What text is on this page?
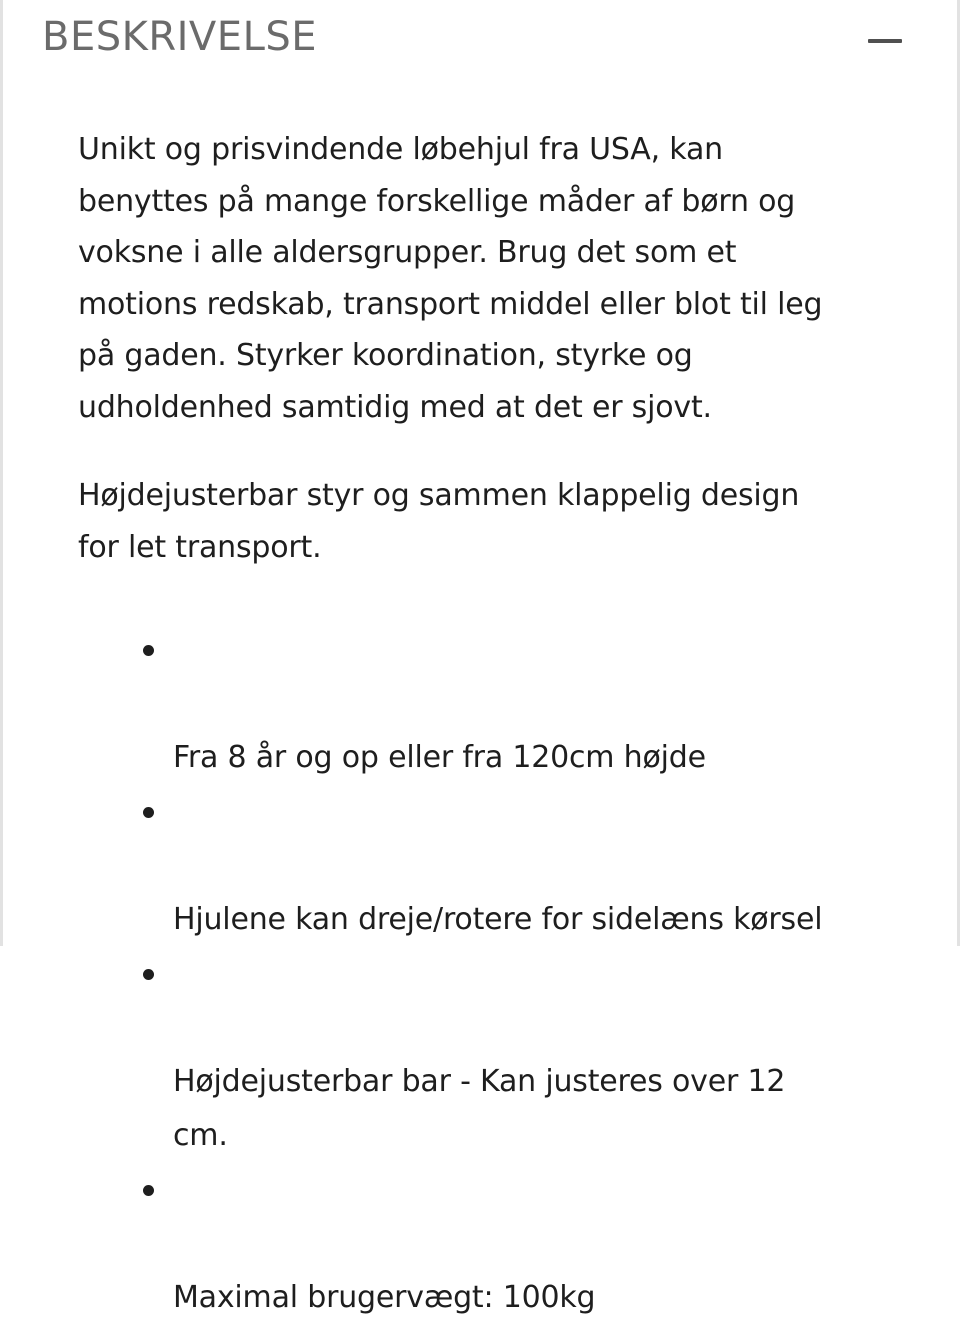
BESKRIVELSE

Unikt og prisvindende løbehjul fra USA, kan
benyttes på mange forskellige måder af børn og
voksne i alle aldersgrupper. Brug det som et
motions redskab, transport middel eller blot til leg
på gaden. Styrker koordination, styrke og
udholdenhed samtidig med at det er sjovt.

Højdejusterbar styr og sammen klappelig design
for let transport.

Fra 8 år og op eller fra 120cm højde

Hjulene kan dreje/rotere for sidelæns kørsel

Højdejusterbar bar - Kan justeres over 12
cm.

Maximal brugervægt: 100kg
